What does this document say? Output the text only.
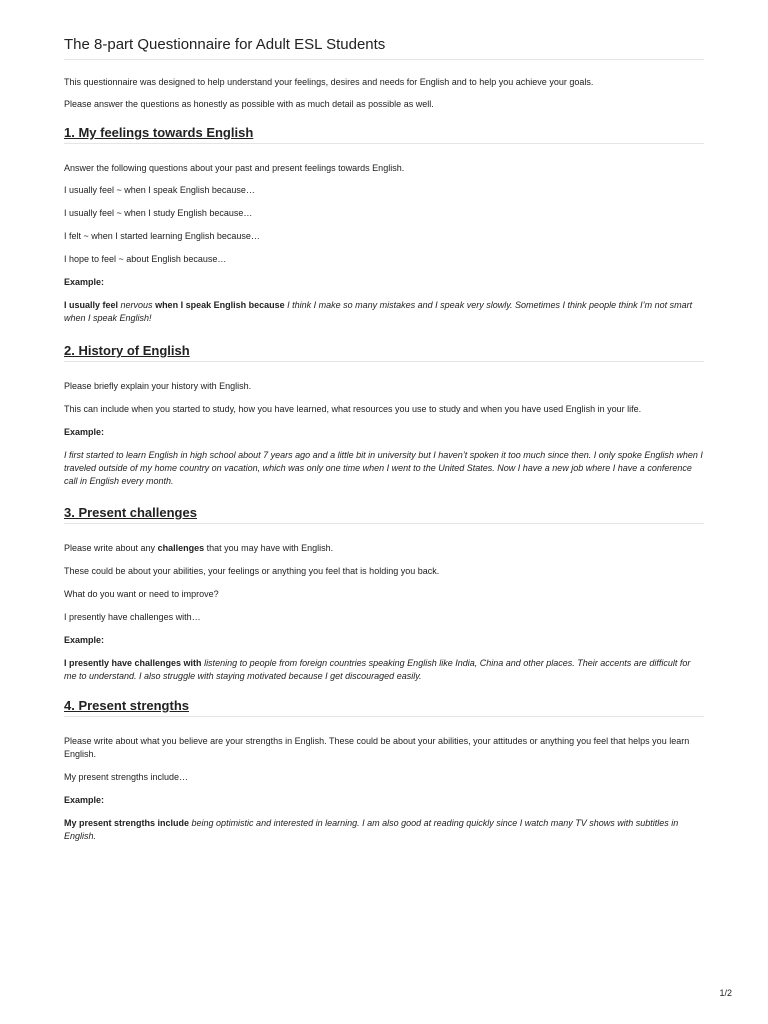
The 8-part Questionnaire for Adult ESL Students

This questionnaire was designed to help understand your feelings, desires and needs for English and to help you achieve your goals.

Please answer the questions as honestly as possible with as much detail as possible as well.

1. My feelings towards English

Answer the following questions about your past and present feelings towards English.

I usually feel ~ when I speak English because…

I usually feel ~ when I study English because…

I felt ~ when I started learning English because…

I hope to feel ~ about English because…

Example:

I usually feel nervous when I speak English because I think I make so many mistakes and I speak very slowly. Sometimes I think people think I’m not smart when I speak English!

2. History of English

Please briefly explain your history with English.

This can include when you started to study, how you have learned, what resources you use to study and when you have used English in your life.

Example:

I first started to learn English in high school about 7 years ago and a little bit in university but I haven’t spoken it too much since then. I only spoke English when I traveled outside of my home country on vacation, which was only one time when I went to the United States. Now I have a new job where I have a conference call in English every month.

3. Present challenges

Please write about any challenges that you may have with English.

These could be about your abilities, your feelings or anything you feel that is holding you back.

What do you want or need to improve?

I presently have challenges with…

Example:

I presently have challenges with listening to people from foreign countries speaking English like India, China and other places. Their accents are difficult for me to understand. I also struggle with staying motivated because I get discouraged easily.

4. Present strengths

Please write about what you believe are your strengths in English. These could be about your abilities, your attitudes or anything you feel that helps you learn English.

My present strengths include…

Example:

My present strengths include being optimistic and interested in learning. I am also good at reading quickly since I watch many TV shows with subtitles in English.

1/2
